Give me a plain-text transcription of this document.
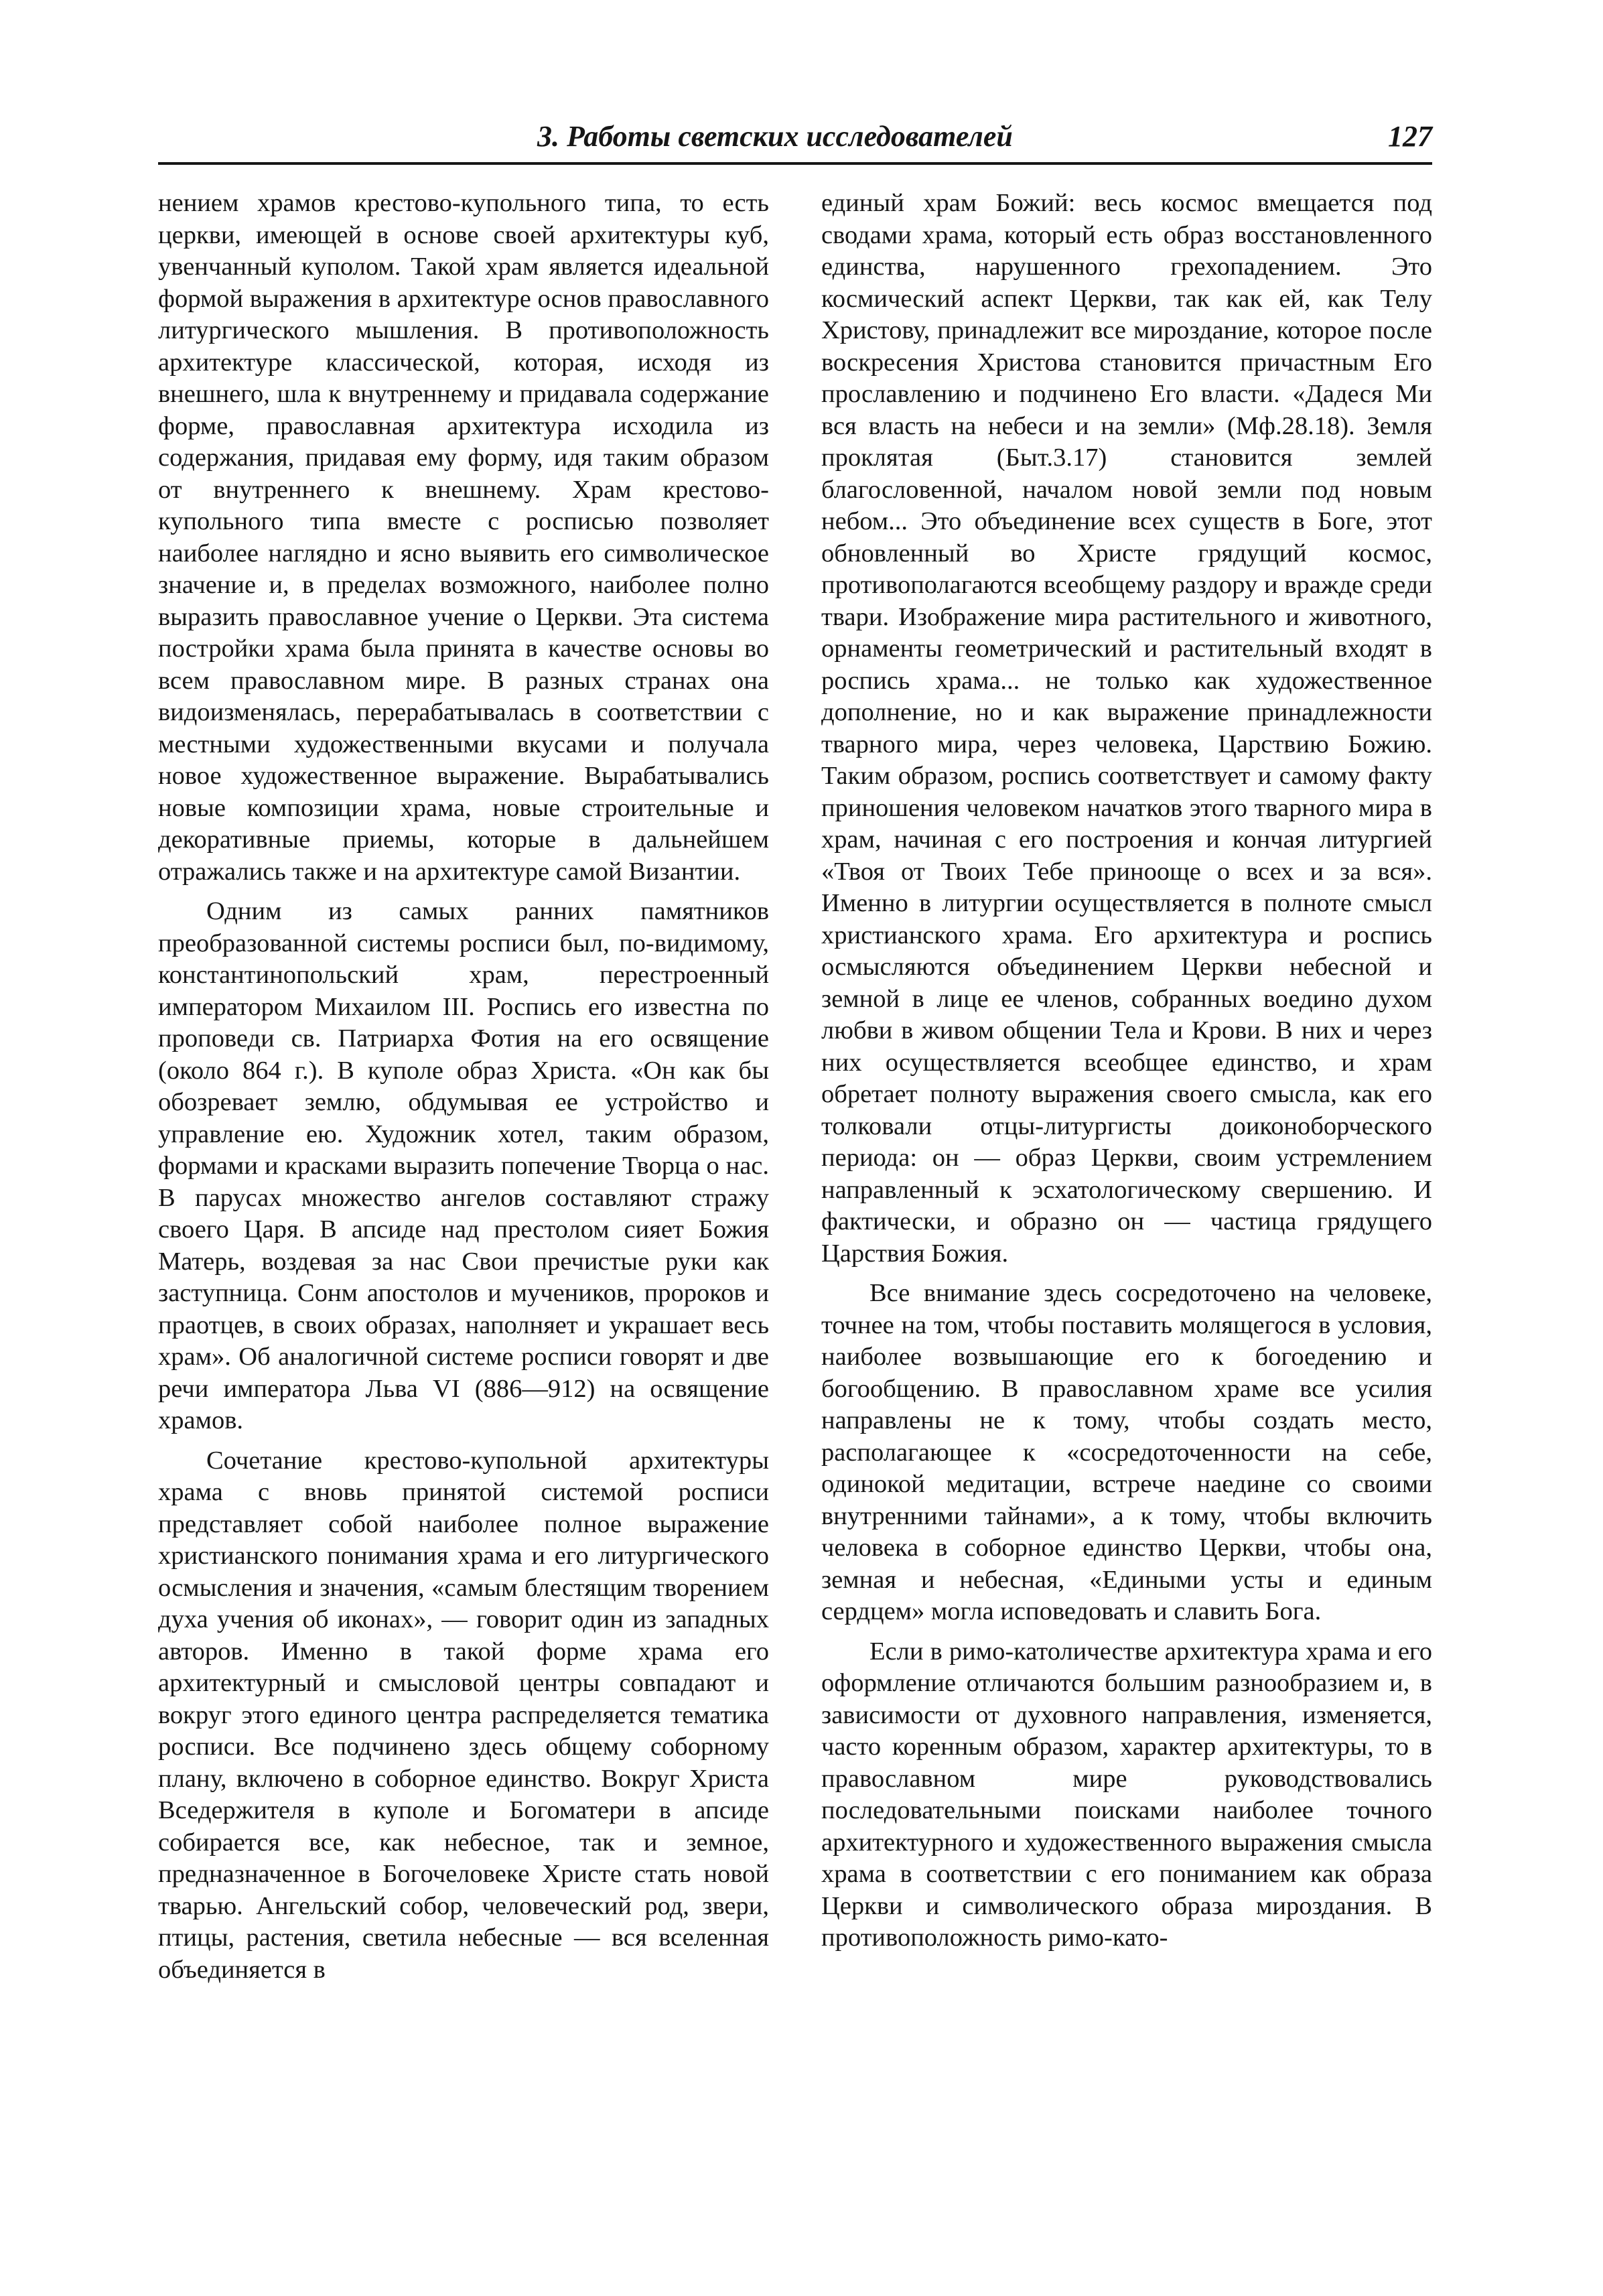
3. Работы светских исследователей	127

нением храмов крестово-купольного типа, то есть церкви, имеющей в основе своей архитектуры куб, увенчанный куполом. Такой храм является идеальной формой выражения в архитектуре основ православного литургического мышления. В противоположность архитектуре классической, которая, исходя из внешнего, шла к внутреннему и придавала содержание форме, православная архитектура исходила из содержания, придавая ему форму, идя таким образом от внутреннего к внешнему. Храм крестово-купольного типа вместе с росписью позволяет наиболее наглядно и ясно выявить его символическое значение и, в пределах возможного, наиболее полно выразить православное учение о Церкви. Эта система постройки храма была принята в качестве основы во всем православном мире. В разных странах она видоизменялась, перерабатывалась в соответствии с местными художественными вкусами и получала новое художественное выражение. Вырабатывались новые композиции храма, новые строительные и декоративные приемы, которые в дальнейшем отражались также и на архитектуре самой Византии.

Одним из самых ранних памятников преобразованной системы росписи был, по-видимому, константинопольский храм, перестроенный императором Михаилом III. Роспись его известна по проповеди св. Патриарха Фотия на его освящение (около 864 г.). В куполе образ Христа. «Он как бы обозревает землю, обдумывая ее устройство и управление ею. Художник хотел, таким образом, формами и красками выразить попечение Творца о нас. В парусах множество ангелов составляют стражу своего Царя. В апсиде над престолом сияет Божия Матерь, воздевая за нас Свои пречистые руки как заступница. Сонм апостолов и мучеников, пророков и праотцев, в своих образах, наполняет и украшает весь храм». Об аналогичной системе росписи говорят и две речи императора Льва VI (886—912) на освящение храмов.

Сочетание крестово-купольной архитектуры храма с вновь принятой системой росписи представляет собой наиболее полное выражение христианского понимания храма и его литургического осмысления и значения, «самым блестящим творением духа учения об иконах», — говорит один из западных авторов. Именно в такой форме храма его архитектурный и смысловой центры совпадают и вокруг этого единого центра распределяется тематика росписи. Все подчинено здесь общему соборному плану, включено в соборное единство. Вокруг Христа Вседержителя в куполе и Богоматери в апсиде собирается все, как небесное, так и земное, предназначенное в Богочеловеке Христе стать новой тварью. Ангельский собор, человеческий род, звери, птицы, растения, светила небесные — вся вселенная объединяется в

единый храм Божий: весь космос вмещается под сводами храма, который есть образ восстановленного единства, нарушенного грехопадением. Это космический аспект Церкви, так как ей, как Телу Христову, принадлежит все мироздание, которое после воскресения Христова становится причастным Его прославлению и подчинено Его власти. «Дадеся Ми вся власть на небеси и на земли» (Мф.28.18). Земля проклятая (Быт.3.17) становится землей благословенной, началом новой земли под новым небом... Это объединение всех существ в Боге, этот обновленный во Христе грядущий космос, противополагаются всеобщему раздору и вражде среди твари. Изображение мира растительного и животного, орнаменты геометрический и растительный входят в роспись храма... не только как художественное дополнение, но и как выражение принадлежности тварного мира, через человека, Царствию Божию. Таким образом, роспись соответствует и самому факту приношения человеком начатков этого тварного мира в храм, начиная с его построения и кончая литургией «Твоя от Твоих Тебе принооще о всех и за вся». Именно в литургии осуществляется в полноте смысл христианского храма. Его архитектура и роспись осмысляются объединением Церкви небесной и земной в лице ее членов, собранных воедино духом любви в живом общении Тела и Крови. В них и через них осуществляется всеобщее единство, и храм обретает полноту выражения своего смысла, как его толковали отцы-литургисты доиконоборческого периода: он — образ Церкви, своим устремлением направленный к эсхатологическому свершению. И фактически, и образно он — частица грядущего Царствия Божия.

Все внимание здесь сосредоточено на человеке, точнее на том, чтобы поставить молящегося в условия, наиболее возвышающие его к богоедению и богообщению. В православном храме все усилия направлены не к тому, чтобы создать место, располагающее к «сосредоточенности на себе, одинокой медитации, встрече наедине со своими внутренними тайнами», а к тому, чтобы включить человека в соборное единство Церкви, чтобы она, земная и небесная, «Едиными усты и единым сердцем» могла исповедовать и славить Бога.

Если в римо-католичестве архитектура храма и его оформление отличаются большим разнообразием и, в зависимости от духовного направления, изменяется, часто коренным образом, характер архитектуры, то в православном мире руководствовались последовательными поисками наиболее точного архитектурного и художественного выражения смысла храма в соответствии с его пониманием как образа Церкви и символического образа мироздания. В противоположность римо-като-
